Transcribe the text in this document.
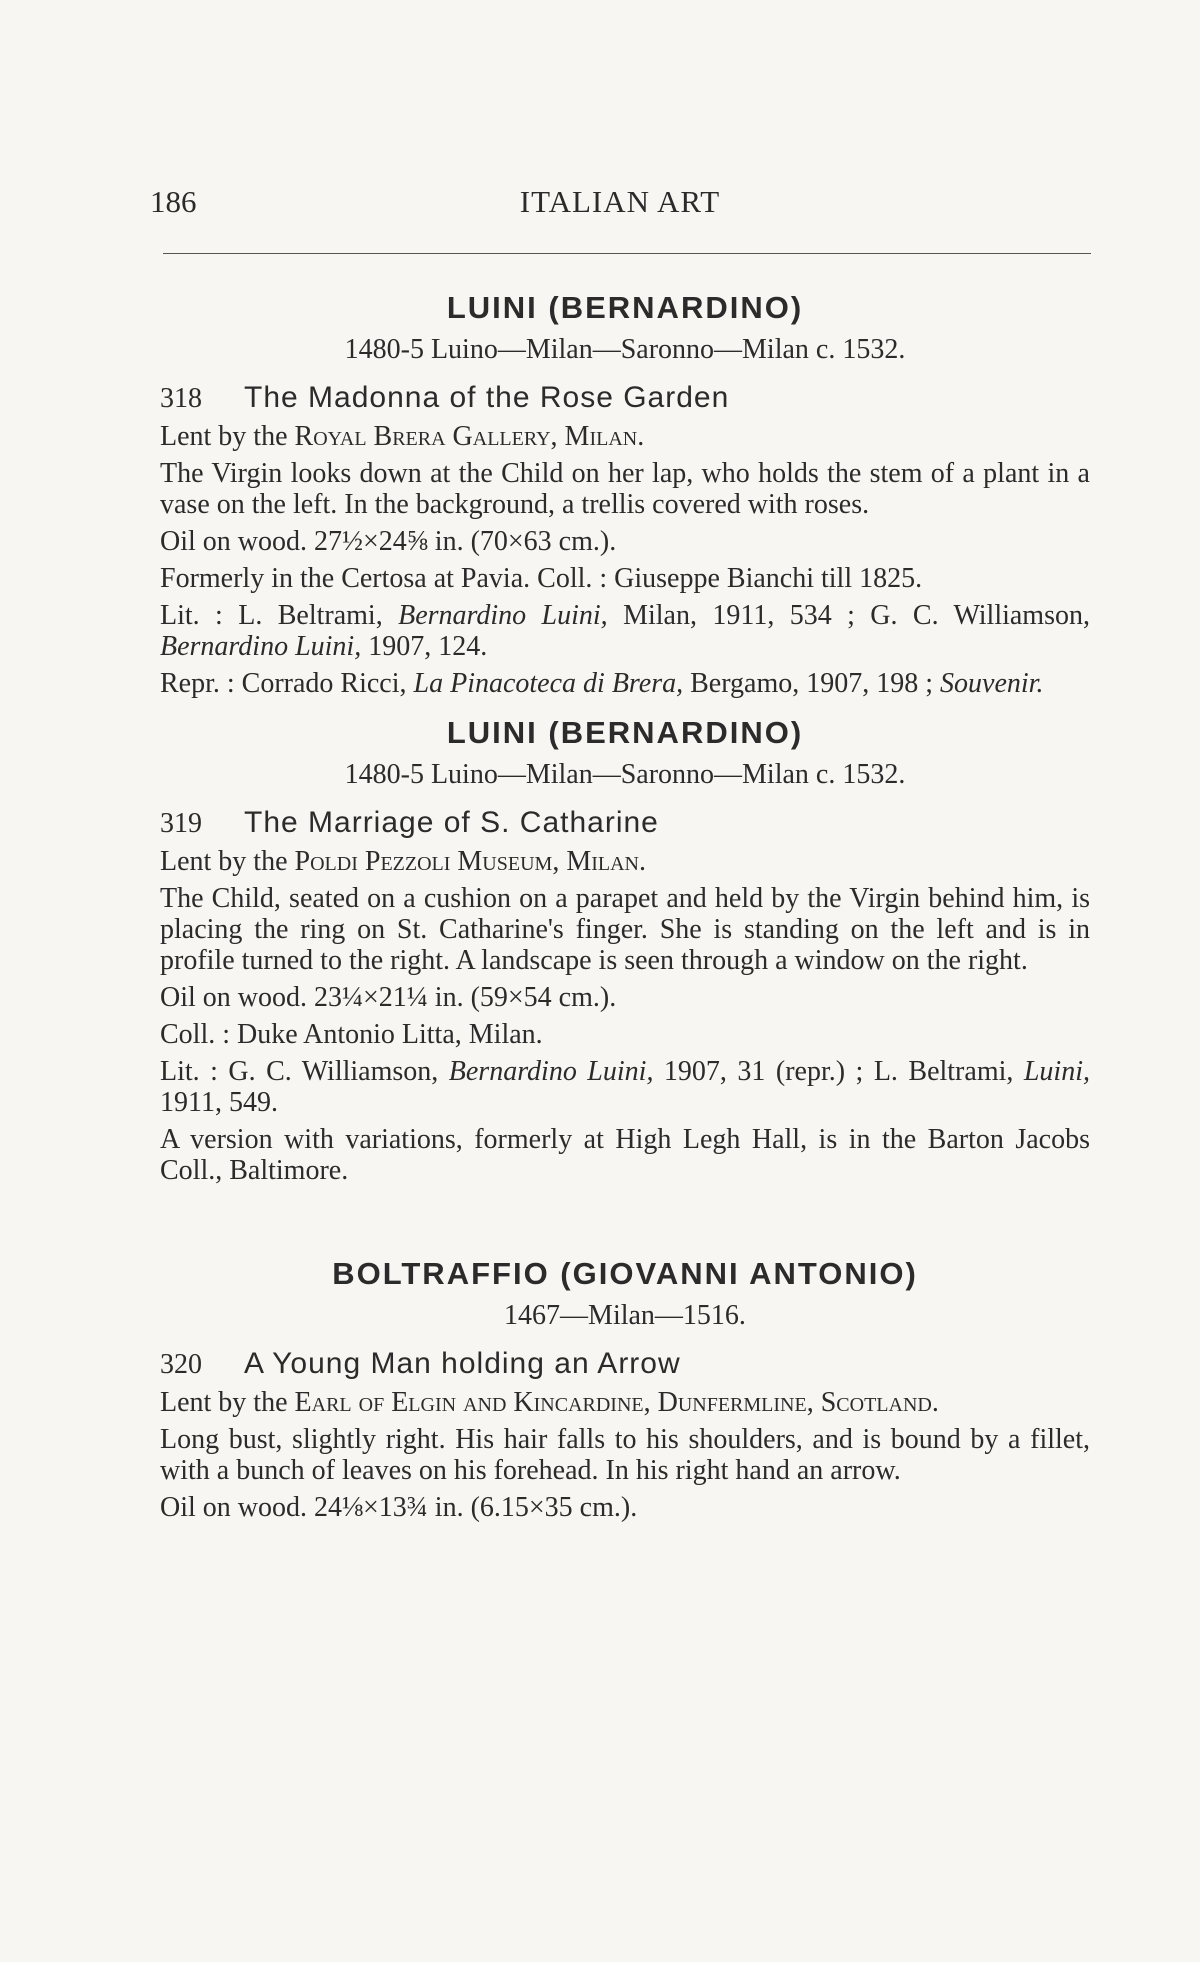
186	ITALIAN ART
LUINI (BERNARDINO)
1480-5 Luino—Milan—Saronno—Milan c. 1532.
318	The Madonna of the Rose Garden

Lent by the Royal Brera Gallery, Milan.

The Virgin looks down at the Child on her lap, who holds the stem of a plant in a vase on the left. In the background, a trellis covered with roses.

Oil on wood. 27½×24⅝ in. (70×63 cm.).

Formerly in the Certosa at Pavia. Coll. : Giuseppe Bianchi till 1825.

Lit. : L. Beltrami, Bernardino Luini, Milan, 1911, 534 ; G. C. Williamson, Bernardino Luini, 1907, 124.

Repr. : Corrado Ricci, La Pinacoteca di Brera, Bergamo, 1907, 198 ; Souvenir.

LUINI (BERNARDINO)
1480-5 Luino—Milan—Saronno—Milan c. 1532.
319	The Marriage of S. Catharine

Lent by the Poldi Pezzoli Museum, Milan.

The Child, seated on a cushion on a parapet and held by the Virgin behind him, is placing the ring on St. Catharine's finger. She is standing on the left and is in profile turned to the right. A landscape is seen through a window on the right.

Oil on wood. 23¼×21¼ in. (59×54 cm.).

Coll. : Duke Antonio Litta, Milan.

Lit. : G. C. Williamson, Bernardino Luini, 1907, 31 (repr.) ; L. Beltrami, Luini, 1911, 549.

A version with variations, formerly at High Legh Hall, is in the Barton Jacobs Coll., Baltimore.

BOLTRAFFIO (GIOVANNI ANTONIO)
1467—Milan—1516.
320	A Young Man holding an Arrow

Lent by the Earl of Elgin and Kincardine, Dunfermline, Scotland.

Long bust, slightly right. His hair falls to his shoulders, and is bound by a fillet, with a bunch of leaves on his forehead. In his right hand an arrow.

Oil on wood. 24⅛×13¾ in. (6.15×35 cm.).
